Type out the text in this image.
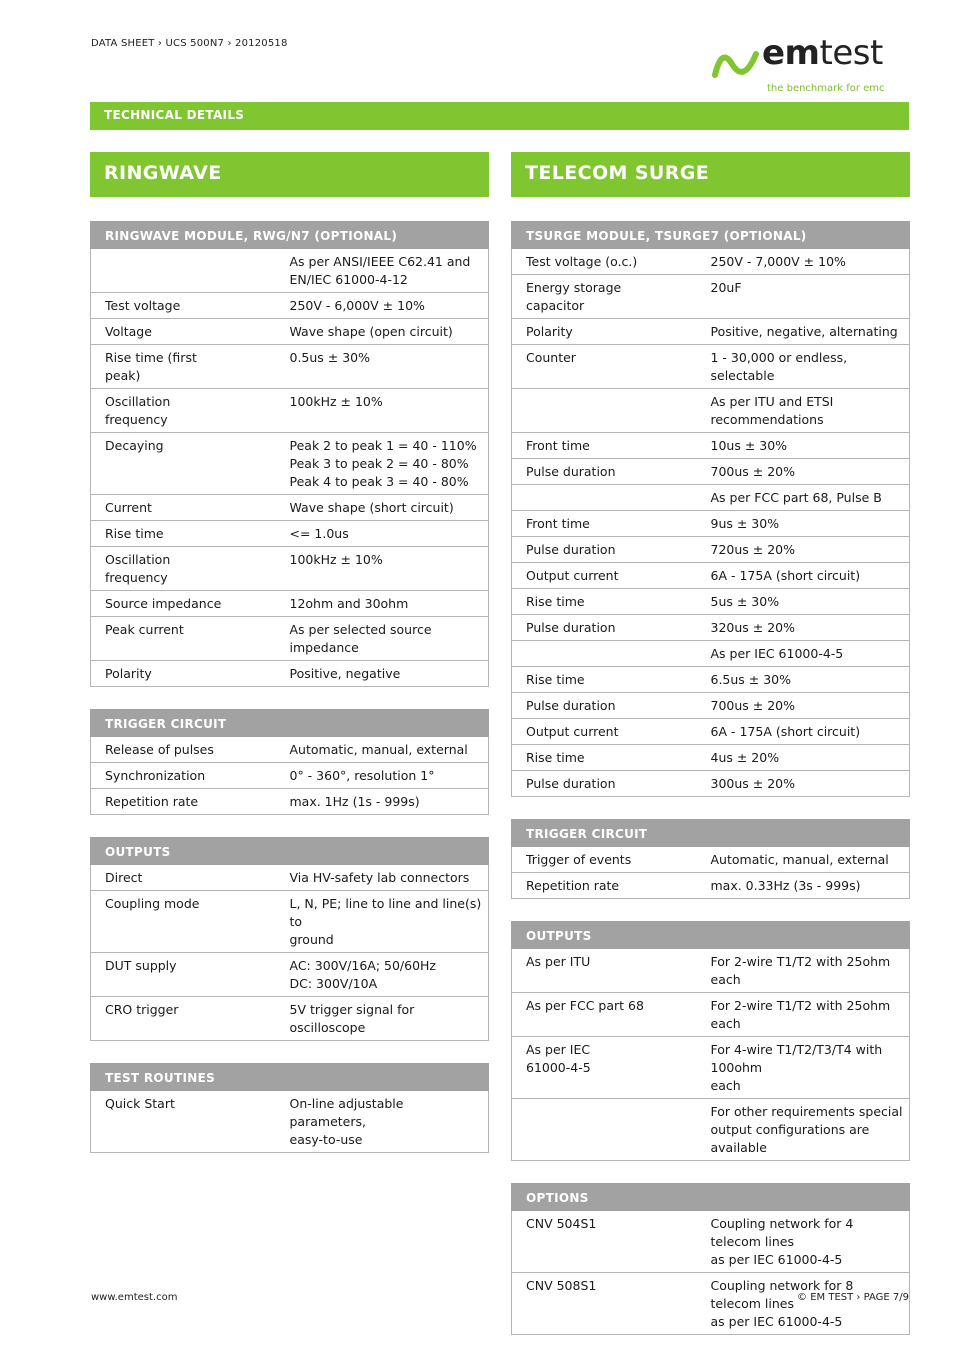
DATA SHEET › UCS 500N7 › 20120518	emtest
the benchmark for emc
TECHNICAL DETAILS
RINGWAVE
RINGWAVE MODULE, RWG/N7 (OPTIONAL)	
	As per ANSI/IEEE C62.41 and
EN/IEC 61000-4-12
Test voltage	250V - 6,000V ± 10%
Voltage	Wave shape (open circuit)
Rise time (first
peak)	0.5us ± 30%
Oscillation
frequency	100kHz ± 10%
Decaying	Peak 2 to peak 1 = 40 - 110%
Peak 3 to peak 2 = 40 - 80%
Peak 4 to peak 3 = 40 - 80%
Current	Wave shape (short circuit)
Rise time	<= 1.0us
Oscillation
frequency	100kHz ± 10%
Source impedance	12ohm and 30ohm
Peak current	As per selected source impedance
Polarity	Positive, negative
TRIGGER CIRCUIT	
Release of pulses	Automatic, manual, external
Synchronization	0° - 360°, resolution 1°
Repetition rate	max. 1Hz (1s - 999s)
OUTPUTS	
Direct	Via HV-safety lab connectors
Coupling mode	L, N, PE; line to line and line(s) to
ground
DUT supply	AC: 300V/16A; 50/60Hz
DC: 300V/10A
CRO trigger	5V trigger signal for oscilloscope
TEST ROUTINES
Quick Start	On-line adjustable parameters,
easy-to-use
TELECOM SURGE
TSURGE MODULE, TSURGE7 (OPTIONAL)	
Test voltage (o.c.)	250V - 7,000V ± 10%
Energy storage
capacitor	20uF
Polarity	Positive, negative, alternating
Counter	1 - 30,000 or endless, selectable
	As per ITU and ETSI
recommendations
Front time	10us ± 30%
Pulse duration	700us ± 20%
	As per FCC part 68, Pulse B
Front time	9us ± 30%
Pulse duration	720us ± 20%
Output current	6A - 175A (short circuit)
Rise time	5us ± 30%
Pulse duration	320us ± 20%
	As per IEC 61000-4-5
Rise time	6.5us ± 30%
Pulse duration	700us ± 20%
Output current	6A - 175A (short circuit)
Rise time	4us ± 20%
Pulse duration	300us ± 20%
TRIGGER CIRCUIT	
Trigger of events	Automatic, manual, external
Repetition rate	max. 0.33Hz (3s - 999s)
OUTPUTS	
As per ITU	For 2-wire T1/T2 with 25ohm each
As per FCC part 68	For 2-wire T1/T2 with 25ohm each
As per IEC
61000-4-5	For 4-wire T1/T2/T3/T4 with 100ohm
each
	For other requirements special
output configurations are available
OPTIONS	
CNV 504S1	Coupling network for 4 telecom lines
as per IEC 61000-4-5
CNV 508S1	Coupling network for 8 telecom lines
as per IEC 61000-4-5
www.emtest.com	© EM TEST › PAGE 7/9
